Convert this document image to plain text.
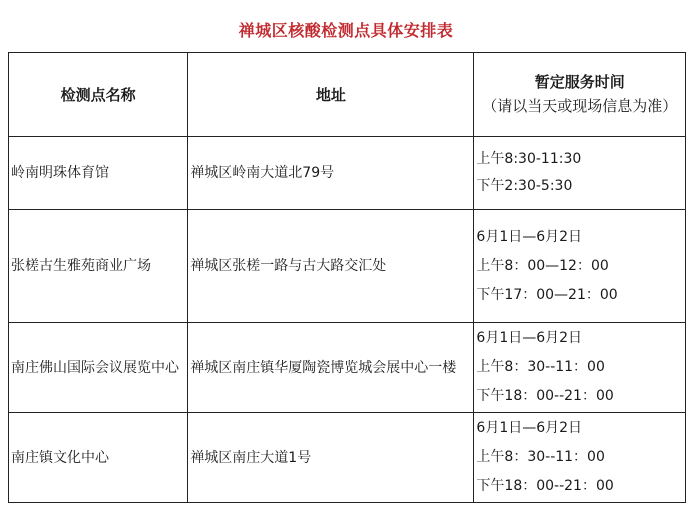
禅城区核酸检测点具体安排表
检测点名称	地址	暂定服务时间
（请以当天或现场信息为准）

岭南明珠体育馆	禅城区岭南大道北79号	上午8:30-11:30
下午2:30-5:30

张槎古生雅苑商业广场	禅城区张槎一路与古大路交汇处	6月1日—6月2日
上午8：00—12：00
下午17：00—21：00

南庄佛山国际会议展览中心	禅城区南庄镇华厦陶瓷博览城会展中心一楼	6月1日—6月2日
上午8：30--11：00
下午18：00--21：00

南庄镇文化中心	禅城区南庄大道1号	6月1日—6月2日
上午8：30--11：00
下午18：00--21：00
